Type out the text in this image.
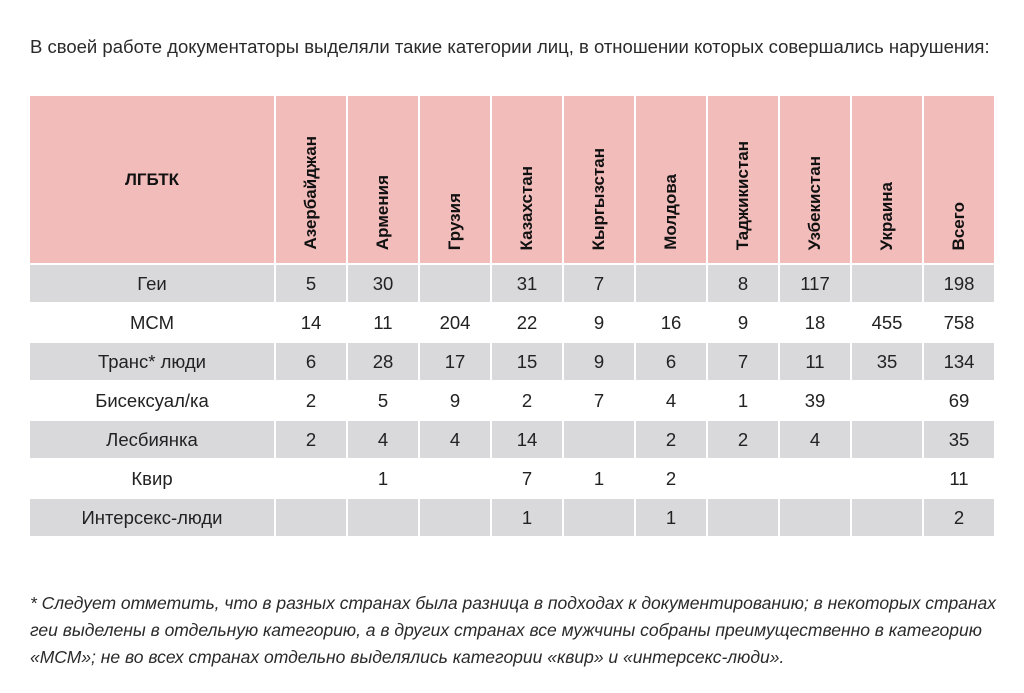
В своей работе документаторы выделяли такие категории лиц, в отношении которых совершались нарушения:

ЛГБТК	Азербайджан	Армения	Грузия	Казахстан	Кыргызстан	Молдова	Таджикистан	Узбекистан	Украина	Всего
Геи	5	30		31	7		8	117		198
МСМ	14	11	204	22	9	16	9	18	455	758
Транс* люди	6	28	17	15	9	6	7	11	35	134
Бисексуал/ка	2	5	9	2	7	4	1	39		69
Лесбиянка	2	4	4	14		2	2	4		35
Квир		1		7	1	2				11
Интерсекс-люди				1		1				2

* Следует отметить, что в разных странах была разница в подходах к документированию; в некоторых странах геи выделены в отдельную категорию, а в других странах все мужчины собраны преимущественно в категорию «МСМ»; не во всех странах отдельно выделялись категории «квир» и «интерсекс-люди».
